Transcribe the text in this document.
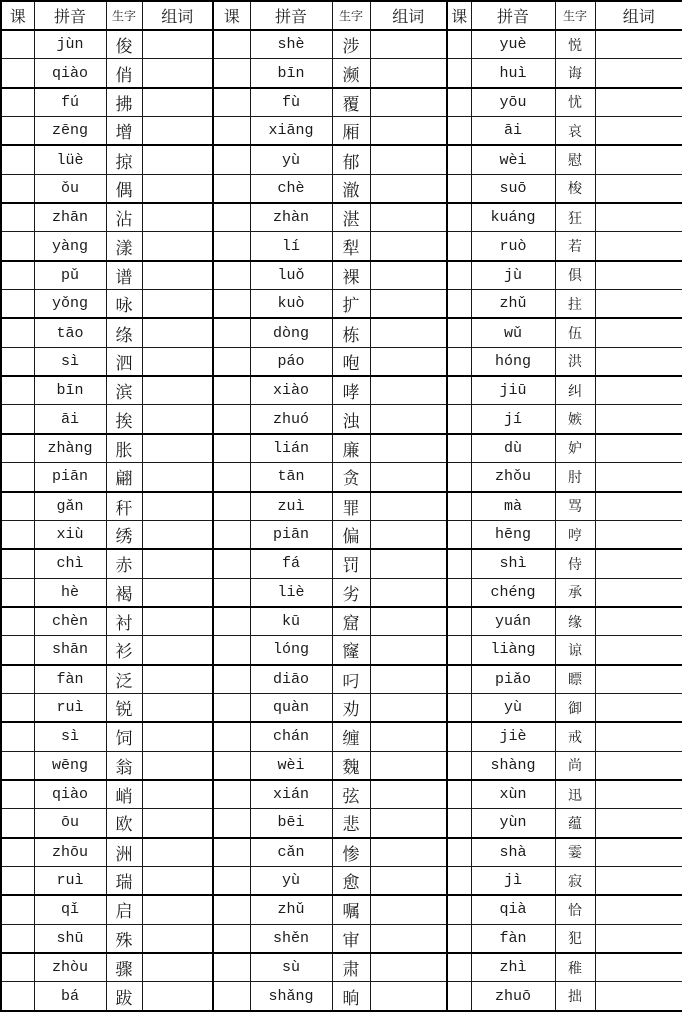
课	拼音	生字	组词	课	拼音	生字	组词	课	拼音	生字	组词
	jùn	俊			shè	涉			yuè	悦	
	qiào	俏			bīn	濒			huì	诲	
	fú	拂			fù	覆			yōu	忧	
	zēng	增			xiāng	厢			āi	哀	
	lüè	掠			yù	郁			wèi	慰	
	ǒu	偶			chè	澈			suō	梭	
	zhān	沾			zhàn	湛			kuáng	狂	
	yàng	漾			lí	犁			ruò	若	
	pǔ	谱			luǒ	裸			jù	俱	
	yǒng	咏			kuò	扩			zhǔ	拄	
	tāo	绦			dòng	栋			wǔ	伍	
	sì	泗			páo	咆			hóng	洪	
	bīn	滨			xiào	哮			jiū	纠	
	āi	挨			zhuó	浊			jí	嫉	
	zhàng	胀			lián	廉			dù	妒	
	piān	翩			tān	贪			zhǒu	肘	
	gǎn	秆			zuì	罪			mà	骂	
	xiù	绣			piān	偏			hēng	哼	
	chì	赤			fá	罚			shì	侍	
	hè	褐			liè	劣			chéng	承	
	chèn	衬			kū	窟			yuán	缘	
	shān	衫			lóng	窿			liàng	谅	
	fàn	泛			diāo	叼			piǎo	瞟	
	ruì	锐			quàn	劝			yù	御	
	sì	饲			chán	缠			jiè	戒	
	wēng	翁			wèi	魏			shàng	尚	
	qiào	峭			xián	弦			xùn	迅	
	ōu	欧			bēi	悲			yùn	蕴	
	zhōu	洲			cǎn	惨			shà	霎	
	ruì	瑞			yù	愈			jì	寂	
	qǐ	启			zhǔ	嘱			qià	恰	
	shū	殊			shěn	审			fàn	犯	
	zhòu	骤			sù	肃			zhì	稚	
	bá	跋			shǎng	晌			zhuō	拙	
